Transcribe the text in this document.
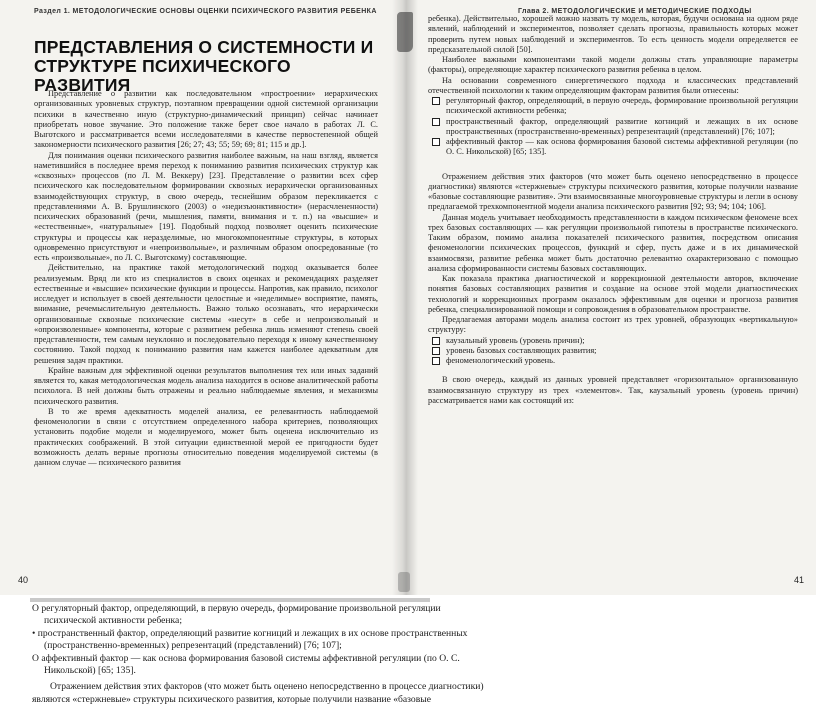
Раздел 1. МЕТОДОЛОГИЧЕСКИЕ ОСНОВЫ ОЦЕНКИ ПСИХИЧЕСКОГО РАЗВИТИЯ РЕБЕНКА
ПРЕДСТАВЛЕНИЯ О СИСТЕМНОСТИ И СТРУКТУРЕ ПСИХИЧЕСКОГО РАЗВИТИЯ

Представление о развитии как последовательном «простроении» иерархических организованных уровневых структур, поэтапном превращении одной системной организации психики в качественно иную (структурно-динамический принцип) сейчас начинает приобретать новое звучание. Это положение также берет свое начало в работах Л. С. Выготского и рассматривается всеми исследователями в качестве первостепенной общей закономерности психического развития [26; 27; 43; 55; 59; 69; 81; 115 и др.].

Для понимания оценки психического развития наиболее важным, на наш взгляд, является наметившийся в последнее время переход к пониманию развития психических структур как «сквозных» процессов (по Л. М. Веккеру) [23]. Представление о развитии всех сфер психического как последовательном формировании сквозных иерархически организованных взаимодействующих структур, в свою очередь, теснейшим образом перекликается с представлениями А. В. Брушлинского (2003) о «недизъюнктивности» (нерасчлененности) психических образований (речи, мышления, памяти, внимания и т. п.) на «высшие» и «естественные», «натуральные» [19]. Подобный подход позволяет оценить психические структуры и процессы как неразделимые, но многокомпонентные структуры, в которых одновременно присутствуют и «непроизвольные», и различным образом опосредованные (то есть «произвольные», по Л. С. Выготскому) составляющие.

Действительно, на практике такой методологический подход оказывается более реализуемым. Вряд ли кто из специалистов в своих оценках и рекомендациях разделяет естественные и «высшие» психические функции и процессы. Напротив, как правило, психолог исследует и использует в своей деятельности целостные и «неделимые» восприятие, память, внимание, речемыслительную деятельность. Важно только осознавать, что иерархически организованные сквозные психические системы «несут» в себе и непроизвольный и «опроизволенные» компоненты, которые с развитием ребенка лишь изменяют степень своей представленности, тем самым неуклонно и последовательно переходя к иному качественному состоянию. Такой подход к пониманию развития нам кажется наиболее адекватным для решения задач практики.

Крайне важным для эффективной оценки результатов выполнения тех или иных заданий является то, какая методологическая модель анализа находится в основе аналитической работы психолога. В ней должны быть отражены и реально наблюдаемые явления, и механизмы психического развития.

В то же время адекватность моделей анализа, ее релевантность наблюдаемой феноменологии в связи с отсутствием определенного набора критериев, позволяющих установить подобие модели и моделируемого, может быть оценена исключительно из практических соображений. В этой ситуации единственной мерой ее пригодности будет возможность делать верные прогнозы относительно поведения моделируемой системы (в данном случае — психического развития

40
Глава 2. МЕТОДОЛОГИЧЕСКИЕ И МЕТОДИЧЕСКИЕ ПОДХОДЫ

ребенка). Действительно, хорошей можно назвать ту модель, которая, будучи основана на одном ряде явлений, наблюдений и экспериментов, позволяет сделать прогнозы, правильность которых может проверить путем новых наблюдений и экспериментов. То есть ценность модели определяется ее предсказательной силой [50].

Наиболее важными компонентами такой модели должны стать управляющие параметры (факторы), определяющие характер психического развития ребенка в целом.

На основании современного синергетического подхода и классических представлений отечественной психологии к таким определяющим факторам развития были отнесены:

регуляторный фактор, определяющий, в первую очередь, формирование произвольной регуляции психической активности ребенка;
пространственный фактор, определяющий развитие когниций и лежащих в их основе пространственных (пространственно-временных) репрезентаций (представлений) [76; 107];
аффективный фактор — как основа формирования базовой системы аффективной регуляции (по О. С. Никольской) [65; 135].

Отражением действия этих факторов (что может быть оценено непосредственно в процессе диагностики) являются «стержневые» структуры психического развития, которые получили название «базовые составляющие развития». Эти взаимосвязанные многоуровневые структуры и легли в основу предлагаемой трехкомпонентной модели анализа психического развития [92; 93; 94; 104; 106].

Данная модель учитывает необходимость представленности в каждом психическом феномене всех трех базовых составляющих — как регуляции произвольной гипотезы в пространстве психического. Таким образом, помимо анализа показателей психического развития, посредством описания феноменологии психических процессов, функций и сфер, пусть даже и в их динамической взаимосвязи, развитие ребенка может быть достаточно релевантно охарактеризовано с помощью анализа сформированности системы базовых составляющих.

Как показала практика диагностической и коррекционной деятельности авторов, включение понятия базовых составляющих развития и создание на основе этой модели диагностических технологий и коррекционных программ оказалось эффективным для оценки и прогноза развития ребенка, специализированной помощи и сопровождения в образовательном пространстве.

Предлагаемая авторами модель анализа состоит из трех уровней, образующих «вертикальную» структуру:

каузальный уровень (уровень причин);
уровень базовых составляющих развития;
феноменологический уровень.

В свою очередь, каждый из данных уровней представляет «горизонтально» организованную взаимосвязанную структуру из трех «элементов». Так, каузальный уровень (уровень причин) рассматривается нами как состоящий из:

41
О регуляторный фактор, определяющий, в первую очередь, формирование произвольной регуляции
психической активности ребенка;
• пространственный фактор, определяющий развитие когниций и лежащих в их основе пространственных
(пространственно-временных) репрезентаций (представлений) [76; 107];
О аффективный фактор — как основа формирования базовой системы аффективной регуляции (по О. С.
Никольской) [65; 135].

Отражением действия этих факторов (что может быть оценено непосредственно в процессе диагностики)

являются «стержневые» структуры психического развития, которые получили название «базовые
